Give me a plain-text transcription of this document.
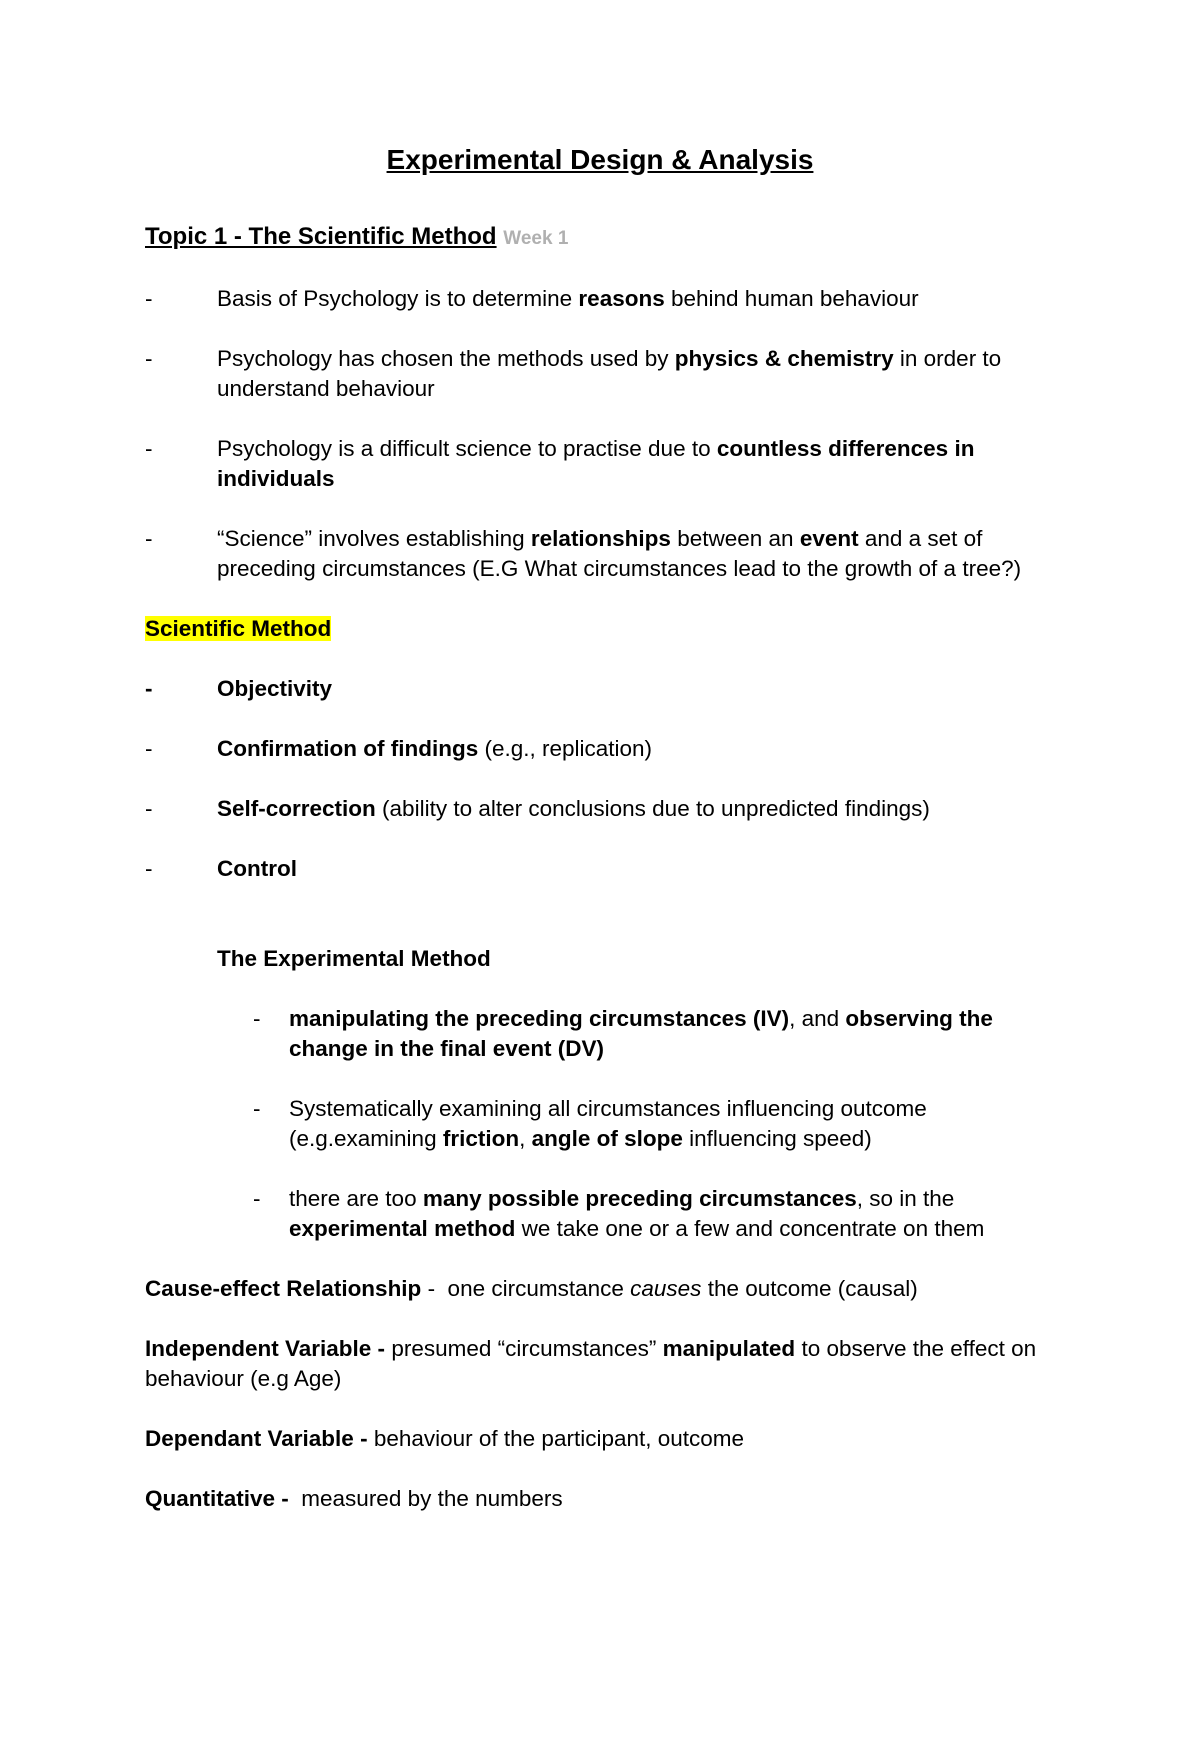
Experimental Design & Analysis
Topic 1 - The Scientific Method Week 1
-	Basis of Psychology is to determine reasons behind human behaviour
-	Psychology has chosen the methods used by physics & chemistry in order to
understand behaviour
-	Psychology is a difficult science to practise due to countless differences in
individuals
-	“Science” involves establishing relationships between an event and a set of
preceding circumstances (E.G What circumstances lead to the growth of a tree?)
Scientific Method
-	Objectivity
-	Confirmation of findings (e.g., replication)
-	Self-correction (ability to alter conclusions due to unpredicted findings)
-	Control
The Experimental Method
- manipulating the preceding circumstances (IV), and observing the
change in the final event (DV)
- Systematically examining all circumstances influencing outcome
(e.g.examining friction, angle of slope influencing speed)
- there are too many possible preceding circumstances, so in the
experimental method we take one or a few and concentrate on them
Cause-effect Relationship -  one circumstance causes the outcome (causal)
Independent Variable - presumed “circumstances” manipulated to observe the effect on
behaviour (e.g Age)
Dependant Variable - behaviour of the participant, outcome
Quantitative -  measured by the numbers
